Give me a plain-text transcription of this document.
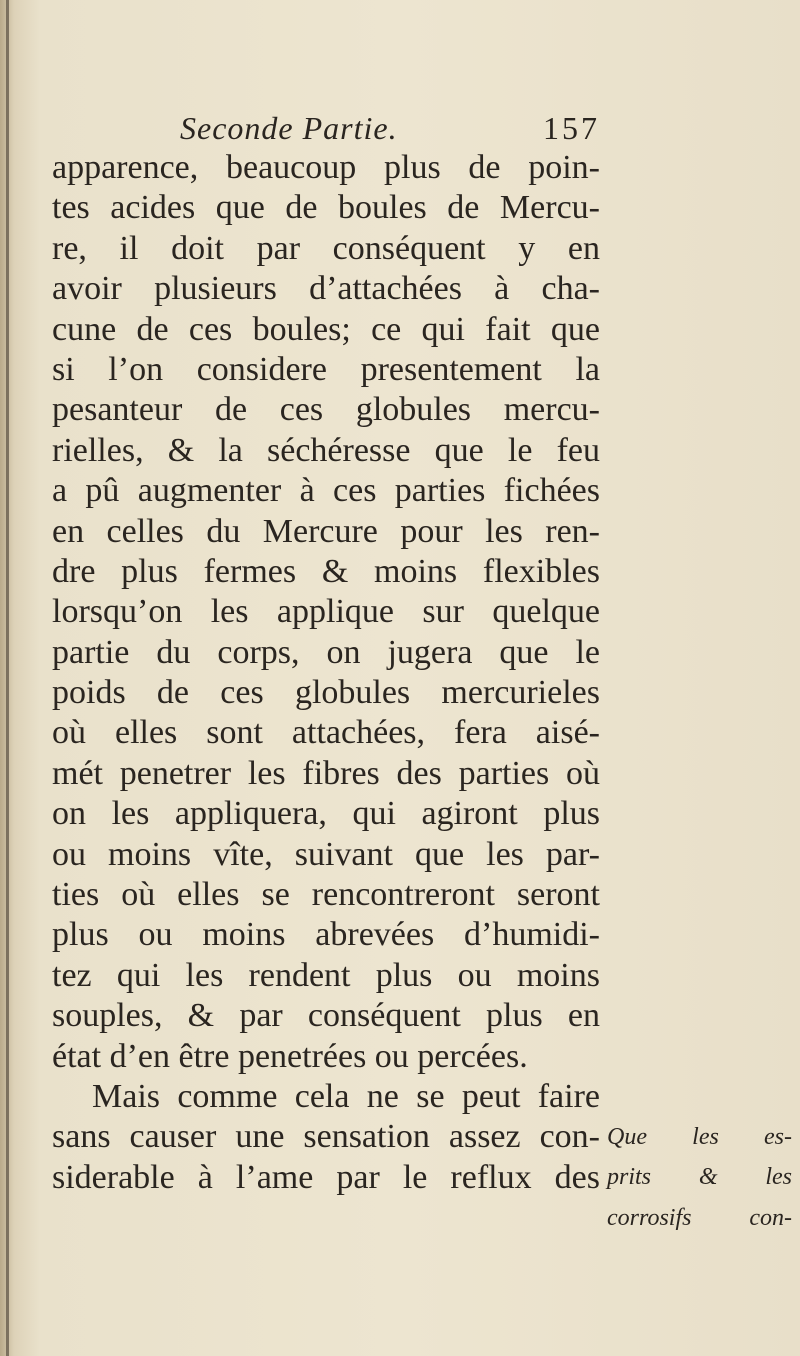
Seconde Partie.	157
apparence, beaucoup plus de poin-
tes acides que de boules de Mercu-
re, il doit par conséquent y en
avoir plusieurs d’attachées à cha-
cune de ces boules; ce qui fait que
si l’on considere presentement la
pesanteur de ces globules mercu-
rielles, & la séchéresse que le feu
a pû augmenter à ces parties fichées
en celles du Mercure pour les ren-
dre plus fermes & moins flexibles
lorsqu’on les applique sur quelque
partie du corps, on jugera que le
poids de ces globules mercurieles
où elles sont attachées, fera aisé-
mét penetrer les fibres des parties où
on les appliquera, qui agiront plus
ou moins vîte, suivant que les par-
ties où elles se rencontreront seront
plus ou moins abrevées d’humidi-
tez qui les rendent plus ou moins
souples, & par conséquent plus en
état d’en être penetrées ou percées.
Mais comme cela ne se peut faire
sans causer une sensation assez con-
siderable à l’ame par le reflux des
Que les es-
prits & les
corrosifs con-
